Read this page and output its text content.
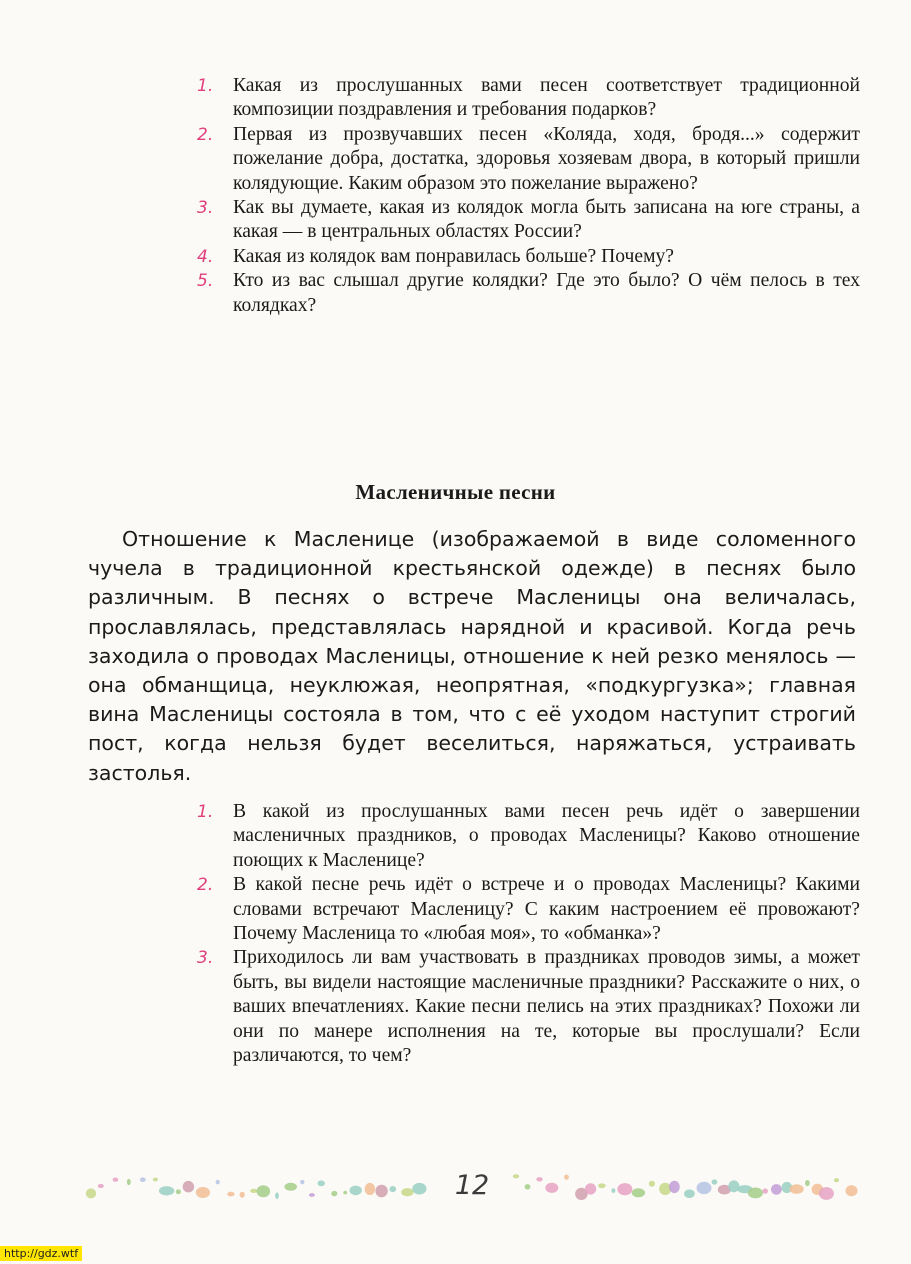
1. Какая из прослушанных вами песен соответствует традиционной композиции поздравления и требования подарков?
2. Первая из прозвучавших песен «Коляда, ходя, бродя...» содержит пожелание добра, достатка, здоровья хозяевам двора, в который пришли колядующие. Каким образом это пожелание выражено?
3. Как вы думаете, какая из колядок могла быть записана на юге страны, а какая — в центральных областях России?
4. Какая из колядок вам понравилась больше? Почему?
5. Кто из вас слышал другие колядки? Где это было? О чём пелось в тех колядках?
Масленичные песни

Отношение к Масленице (изображаемой в виде соломенного чучела в традиционной крестьянской одежде) в песнях было различным. В песнях о встрече Масленицы она величалась, прославлялась, представлялась нарядной и красивой. Когда речь заходила о проводах Масленицы, отношение к ней резко менялось — она обманщица, неуклюжая, неопрятная, «подкургузка»; главная вина Масленицы состояла в том, что с её уходом наступит строгий пост, когда нельзя будет веселиться, наряжаться, устраивать застолья.

1. В какой из прослушанных вами песен речь идёт о завершении масленичных праздников, о проводах Масленицы? Каково отношение поющих к Масленице?
2. В какой песне речь идёт о встрече и о проводах Масленицы? Какими словами встречают Масленицу? С каким настроением её провожают? Почему Масленица то «любая моя», то «обманка»?
3. Приходилось ли вам участвовать в праздниках проводов зимы, а может быть, вы видели настоящие масленичные праздники? Расскажите о них, о ваших впечатлениях. Какие песни пелись на этих праздниках? Похожи ли они по манере исполнения на те, которые вы прослушали? Если различаются, то чем?
12
http://gdz.wtf
